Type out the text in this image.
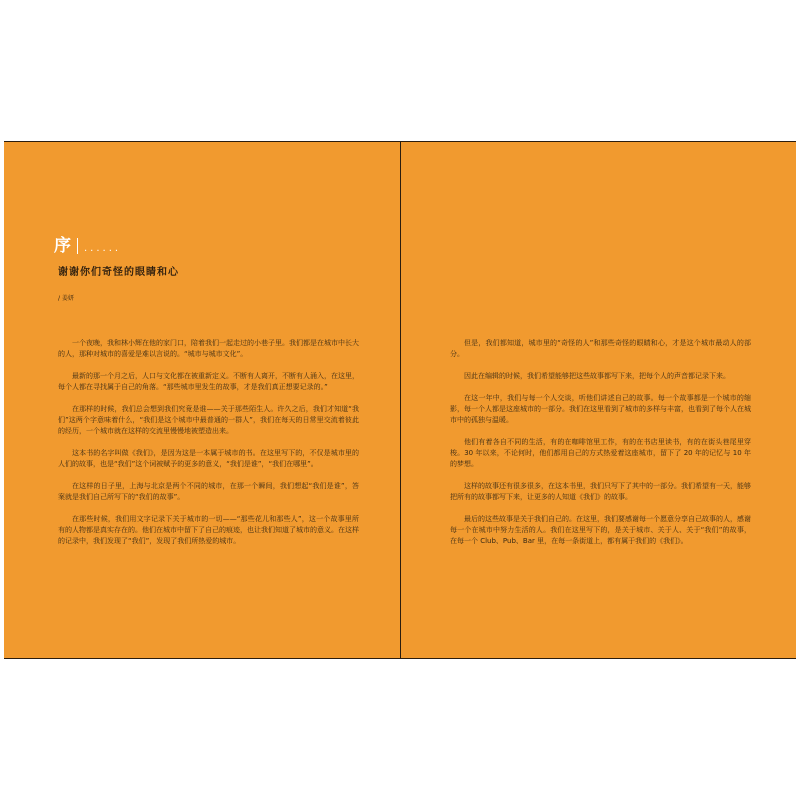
序 ......
谢谢你们奇怪的眼睛和心
/ 姜妍

一个夜晚，我和林小辉在他的家门口，陪着我们一起走过的小巷子里。我们都是在城市中长大的人，那种对城市的喜爱是难以言说的。“城市与城市文化”。

最新的那一个月之后，人口与文化都在被重新定义。不断有人离开，不断有人涌入，在这里，每个人都在寻找属于自己的角落。“那些城市里发生的故事，才是我们真正想要记录的。”

在那样的时候，我们总会想到我们究竟是谁——关于那些陌生人。许久之后，我们才知道“我们”这两个字意味着什么，“我们是这个城市中最普通的一群人”，我们在每天的日常里交流着彼此的经历，一个城市就在这样的交流里慢慢地被塑造出来。

这本书的名字叫做《我们》，是因为这是一本属于城市的书。在这里写下的，不仅是城市里的人们的故事，也是“我们”这个词被赋予的更多的意义，“我们是谁”，“我们在哪里”。

在这样的日子里，上海与北京是两个不同的城市，在那一个瞬间，我们想起“我们是谁”，答案就是我们自己所写下的“我们的故事”。

在那些时候，我们用文字记录下关于城市的一切——“那些花儿和那些人”，这一个故事里所有的人物都是真实存在的。他们在城市中留下了自己的痕迹，也让我们知道了城市的意义。在这样的记录中，我们发现了“我们”，发现了我们所热爱的城市。

但是，我们都知道，城市里的“奇怪的人”和那些奇怪的眼睛和心，才是这个城市最动人的部分。

因此在编辑的时候，我们希望能够把这些故事都写下来，把每个人的声音都记录下来。

在这一年中，我们与每一个人交谈，听他们讲述自己的故事。每一个故事都是一个城市的缩影，每一个人都是这座城市的一部分。我们在这里看到了城市的多样与丰富，也看到了每个人在城市中的孤独与温暖。

他们有着各自不同的生活，有的在咖啡馆里工作，有的在书店里读书，有的在街头巷尾里穿梭。30 年以来，不论何时，他们都用自己的方式热爱着这座城市，留下了 20 年的记忆与 10 年的梦想。

这样的故事还有很多很多，在这本书里，我们只写下了其中的一部分。我们希望有一天，能够把所有的故事都写下来，让更多的人知道《我们》的故事。

最后的这些故事是关于我们自己的。在这里，我们要感谢每一个愿意分享自己故事的人，感谢每一个在城市中努力生活的人。我们在这里写下的，是关于城市、关于人、关于“我们”的故事，在每一个 Club、Pub、Bar 里，在每一条街道上，都有属于我们的《我们》。
